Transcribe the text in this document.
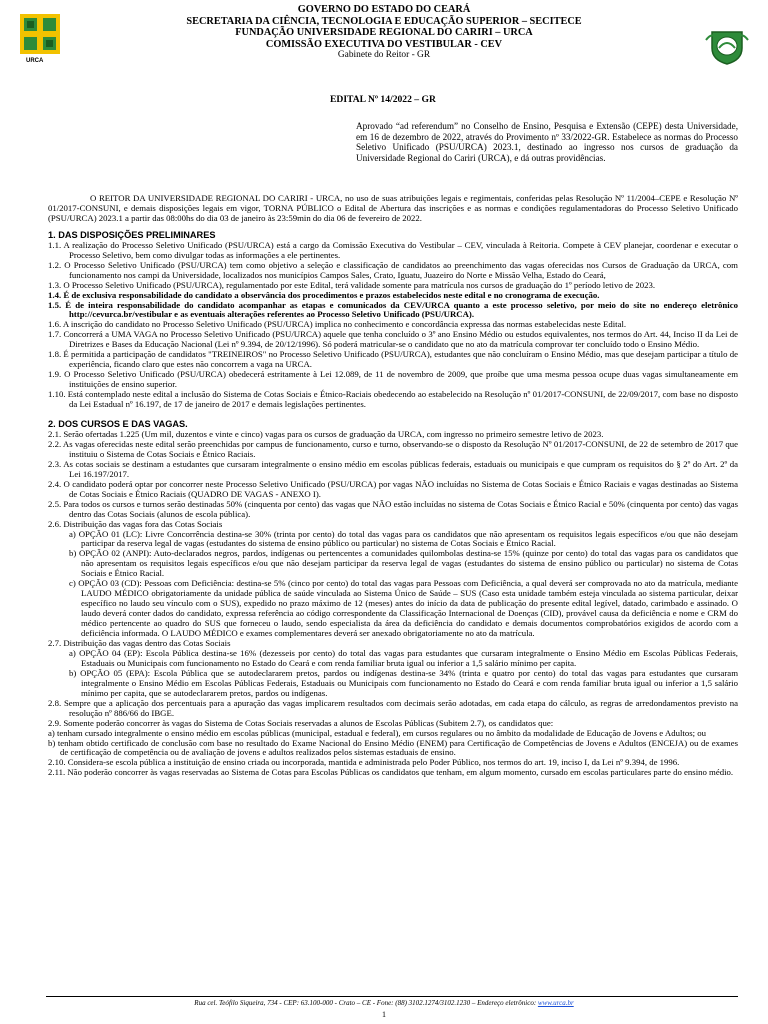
URCA
GOVERNO DO ESTADO DO CEARÁ
SECRETARIA DA CIÊNCIA, TECNOLOGIA E EDUCAÇÃO SUPERIOR – SECITECE
FUNDAÇÃO UNIVERSIDADE REGIONAL DO CARIRI – URCA
COMISSÃO EXECUTIVA DO VESTIBULAR - CEV
Gabinete do Reitor - GR
EDITAL Nº 14/2022 – GR

Aprovado “ad referendum” no Conselho de Ensino, Pesquisa e Extensão (CEPE) desta Universidade, em 16 de dezembro de 2022, através do Provimento nº 33/2022-GR. Estabelece as normas do Processo Seletivo Unificado (PSU/URCA) 2023.1, destinado ao ingresso nos cursos de graduação da Universidade Regional do Cariri (URCA), e dá outras providências.

O REITOR DA UNIVERSIDADE REGIONAL DO CARIRI - URCA, no uso de suas atribuições legais e regimentais, conferidas pelas Resolução Nº 11/2004–CEPE e Resolução Nº 01/2017-CONSUNI, e demais disposições legais em vigor, TORNA PÚBLICO o Edital de Abertura das inscrições e as normas e condições regulamentadoras do Processo Seletivo Unificado (PSU/URCA) 2023.1 a partir das 08:00hs do dia 03 de janeiro às 23:59min do dia 06 de fevereiro de 2022.

1. DAS DISPOSIÇÕES PRELIMINARES

1.1. A realização do Processo Seletivo Unificado (PSU/URCA) está a cargo da Comissão Executiva do Vestibular – CEV, vinculada à Reitoria. Compete à CEV planejar, coordenar e executar o Processo Seletivo, bem como divulgar todas as informações a ele pertinentes.

1.2. O Processo Seletivo Unificado (PSU/URCA) tem como objetivo a seleção e classificação de candidatos ao preenchimento das vagas oferecidas nos Cursos de Graduação da URCA, com funcionamento nos campi da Universidade, localizados nos municípios Campos Sales, Crato, Iguatu, Juazeiro do Norte e Missão Velha, Estado do Ceará,

1.3. O Processo Seletivo Unificado (PSU/URCA), regulamentado por este Edital, terá validade somente para matrícula nos cursos de graduação do 1º período letivo de 2023.

1.4. É de exclusiva responsabilidade do candidato a observância dos procedimentos e prazos estabelecidos neste edital e no cronograma de execução.

1.5. É de inteira responsabilidade do candidato acompanhar as etapas e comunicados da CEV/URCA quanto a este processo seletivo, por meio do site no endereço eletrônico http://cevurca.br/vestibular e as eventuais alterações referentes ao Processo Seletivo Unificado (PSU/URCA).

1.6. A inscrição do candidato no Processo Seletivo Unificado (PSU/URCA) implica no conhecimento e concordância expressa das normas estabelecidas neste Edital.

1.7. Concorrerá a UMA VAGA no Processo Seletivo Unificado (PSU/URCA) aquele que tenha concluído o 3º ano Ensino Médio ou estudos equivalentes, nos termos do Art. 44, Inciso II da Lei de Diretrizes e Bases da Educação Nacional (Lei nº 9.394, de 20/12/1996). Só poderá matricular-se o candidato que no ato da matrícula comprovar ter concluído todo o Ensino Médio.

1.8. É permitida a participação de candidatos "TREINEIROS" no Processo Seletivo Unificado (PSU/URCA), estudantes que não concluíram o Ensino Médio, mas que desejam participar a título de experiência, ficando claro que estes não concorrem a vaga na URCA.

1.9. O Processo Seletivo Unificado (PSU/URCA) obedecerá estritamente à Lei 12.089, de 11 de novembro de 2009, que proíbe que uma mesma pessoa ocupe duas vagas simultaneamente em instituições de ensino superior.

1.10. Está contemplado neste edital a inclusão do Sistema de Cotas Sociais e Étnico-Raciais obedecendo ao estabelecido na Resolução nº 01/2017-CONSUNI, de 22/09/2017, com base no disposto da Lei Estadual nº 16.197, de 17 de janeiro de 2017 e demais legislações pertinentes.

2. DOS CURSOS E DAS VAGAS.

2.1. Serão ofertadas 1.225 (Um mil, duzentos e vinte e cinco) vagas para os cursos de graduação da URCA, com ingresso no primeiro semestre letivo de 2023.

2.2. As vagas oferecidas neste edital serão preenchidas por campus de funcionamento, curso e turno, observando-se o disposto da Resolução Nº 01/2017-CONSUNI, de 22 de setembro de 2017 que instituiu o Sistema de Cotas Sociais e Étnico Raciais.

2.3. As cotas sociais se destinam a estudantes que cursaram integralmente o ensino médio em escolas públicas federais, estaduais ou municipais e que cumpram os requisitos do § 2º do Art. 2º da Lei 16.197/2017.

2.4. O candidato poderá optar por concorrer neste Processo Seletivo Unificado (PSU/URCA) por vagas NÃO incluídas no Sistema de Cotas Sociais e Étnico Raciais e vagas destinadas ao Sistema de Cotas Sociais e Étnico Raciais (QUADRO DE VAGAS - ANEXO I).

2.5. Para todos os cursos e turnos serão destinadas 50% (cinquenta por cento) das vagas que NÃO estão incluídas no sistema de Cotas Sociais e Étnico Racial e 50% (cinquenta por cento) das vagas dentro das Cotas Sociais (alunos de escola pública).

2.6. Distribuição das vagas fora das Cotas Sociais

a) OPÇÃO 01 (LC): Livre Concorrência destina-se 30% (trinta por cento) do total das vagas para os candidatos que não apresentam os requisitos legais específicos e/ou que não desejam participar da reserva legal de vagas (estudantes do sistema de ensino público ou particular) no sistema de Cotas Sociais e Étnico Racial.

b) OPÇÃO 02 (ANPI): Auto-declarados negros, pardos, indígenas ou pertencentes a comunidades quilombolas destina-se 15% (quinze por cento) do total das vagas para os candidatos que não apresentam os requisitos legais específicos e/ou que não desejam participar da reserva legal de vagas (estudantes do sistema de ensino público ou particular) no sistema de Cotas Sociais e Étnico Racial.

c) OPÇÃO 03 (CD): Pessoas com Deficiência: destina-se 5% (cinco por cento) do total das vagas para Pessoas com Deficiência, a qual deverá ser comprovada no ato da matrícula, mediante LAUDO MÉDICO obrigatoriamente da unidade pública de saúde vinculada ao Sistema Único de Saúde – SUS (Caso esta unidade também esteja vinculada ao sistema particular, deixar específico no laudo seu vínculo com o SUS), expedido no prazo máximo de 12 (meses) antes do início da data de publicação do presente edital legível, datado, carimbado e assinado. O laudo deverá conter dados do candidato, expressa referência ao código correspondente da Classificação Internacional de Doenças (CID), provável causa da deficiência e nome e CRM do médico pertencente ao quadro do SUS que forneceu o laudo, sendo especialista da área da deficiência do candidato e demais documentos comprobatórios exigidos de acordo com a deficiência informada. O LAUDO MÉDICO e exames complementares deverá ser anexado obrigatoriamente no ato da matrícula.

2.7. Distribuição das vagas dentro das Cotas Sociais

a) OPÇÃO 04 (EP): Escola Pública destina-se 16% (dezesseis por cento) do total das vagas para estudantes que cursaram integralmente o Ensino Médio em Escolas Públicas Federais, Estaduais ou Municipais com funcionamento no Estado do Ceará e com renda familiar bruta igual ou inferior a 1,5 salário mínimo per capita.

b) OPÇÃO 05 (EPA): Escola Pública que se autodeclararem pretos, pardos ou indígenas destina-se 34% (trinta e quatro por cento) do total das vagas para estudantes que cursaram integralmente o Ensino Médio em Escolas Públicas Federais, Estaduais ou Municipais com funcionamento no Estado do Ceará e com renda familiar bruta igual ou inferior a 1,5 salário mínimo per capita, que se autodeclararem pretos, pardos ou indígenas.

2.8. Sempre que a aplicação dos percentuais para a apuração das vagas implicarem resultados com decimais serão adotadas, em cada etapa do cálculo, as regras de arredondamentos previsto na resolução nº 886/66 do IBGE.

2.9. Somente poderão concorrer às vagas do Sistema de Cotas Sociais reservadas a alunos de Escolas Públicas (Subitem 2.7), os candidatos que:

a) tenham cursado integralmente o ensino médio em escolas públicas (municipal, estadual e federal), em cursos regulares ou no âmbito da modalidade de Educação de Jovens e Adultos; ou

b) tenham obtido certificado de conclusão com base no resultado do Exame Nacional do Ensino Médio (ENEM) para Certificação de Competências de Jovens e Adultos (ENCEJA) ou de exames de certificação de competência ou de avaliação de jovens e adultos realizados pelos sistemas estaduais de ensino.

2.10. Considera-se escola pública a instituição de ensino criada ou incorporada, mantida e administrada pelo Poder Público, nos termos do art. 19, inciso I, da Lei nº 9.394, de 1996.

2.11. Não poderão concorrer às vagas reservadas ao Sistema de Cotas para Escolas Públicas os candidatos que tenham, em algum momento, cursado em escolas particulares parte do ensino médio.

Rua cel. Teófilo Siqueira, 734 - CEP: 63.100-000 - Crato – CE - Fone: (88) 3102.1274/3102.1230 – Endereço eletrônico: www.urca.br
1
